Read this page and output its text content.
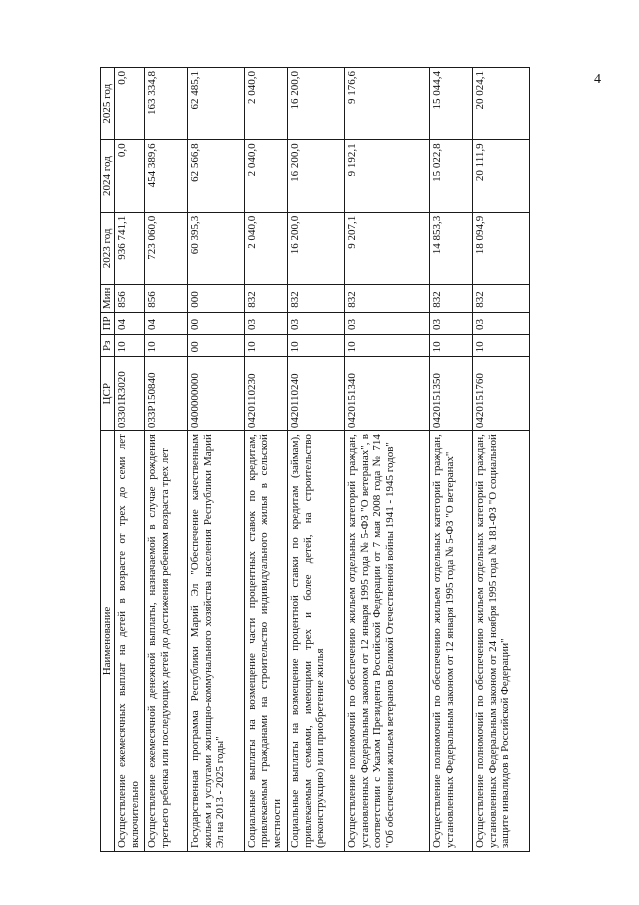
4
Наименование	ЦСР	Рз	ПР	Мин	2023 год	2024 год	2025 год
Осуществление ежемесячных выплат на детей в возрасте от трех до семи лет включительно	03301R3020	10	04	856	936 741,1	0,0	0,0
Осуществление ежемесячной денежной выплаты, назначаемой в случае рождения третьего ребенка или последующих детей до достижения ребенком возраста трех лет	033P150840	10	04	856	723 060,0	454 389,6	163 334,8
Государственная программа Республики Марий Эл "Обеспечение качественным жильем и услугами жилищно-коммунального хозяйства населения Республики Марий Эл на 2013 - 2025 годы"	0400000000	00	00	000	60 395,3	62 566,8	62 485,1
Социальные выплаты на возмещение части процентных ставок по кредитам, привлекаемым гражданами на строительство индивидуального жилья в сельской местности	0420110230	10	03	832	2 040,0	2 040,0	2 040,0
Социальные выплаты на возмещение процентной ставки по кредитам (займам), привлекаемым семьями, имеющими трех и более детей, на строительство (реконструкцию) или приобретение жилья	0420110240	10	03	832	16 200,0	16 200,0	16 200,0
Осуществление полномочий по обеспечению жильем отдельных категорий граждан, установленных Федеральным законом от 12 января 1995 года № 5-ФЗ "О ветеранах", в соответствии с Указом Президента Российской Федерации от 7 мая 2008 года № 714 "Об обеспечении жильем ветеранов Великой Отечественной войны 1941 - 1945 годов"	0420151340	10	03	832	9 207,1	9 192,1	9 176,6
Осуществление полномочий по обеспечению жильем отдельных категорий граждан, установленных Федеральным законом от 12 января 1995 года № 5-ФЗ "О ветеранах"	0420151350	10	03	832	14 853,3	15 022,8	15 044,4
Осуществление полномочий по обеспечению жильем отдельных категорий граждан, установленных Федеральным законом от 24 ноября 1995 года № 181-ФЗ "О социальной защите инвалидов в Российской Федерации"	0420151760	10	03	832	18 094,9	20 111,9	20 024,1
